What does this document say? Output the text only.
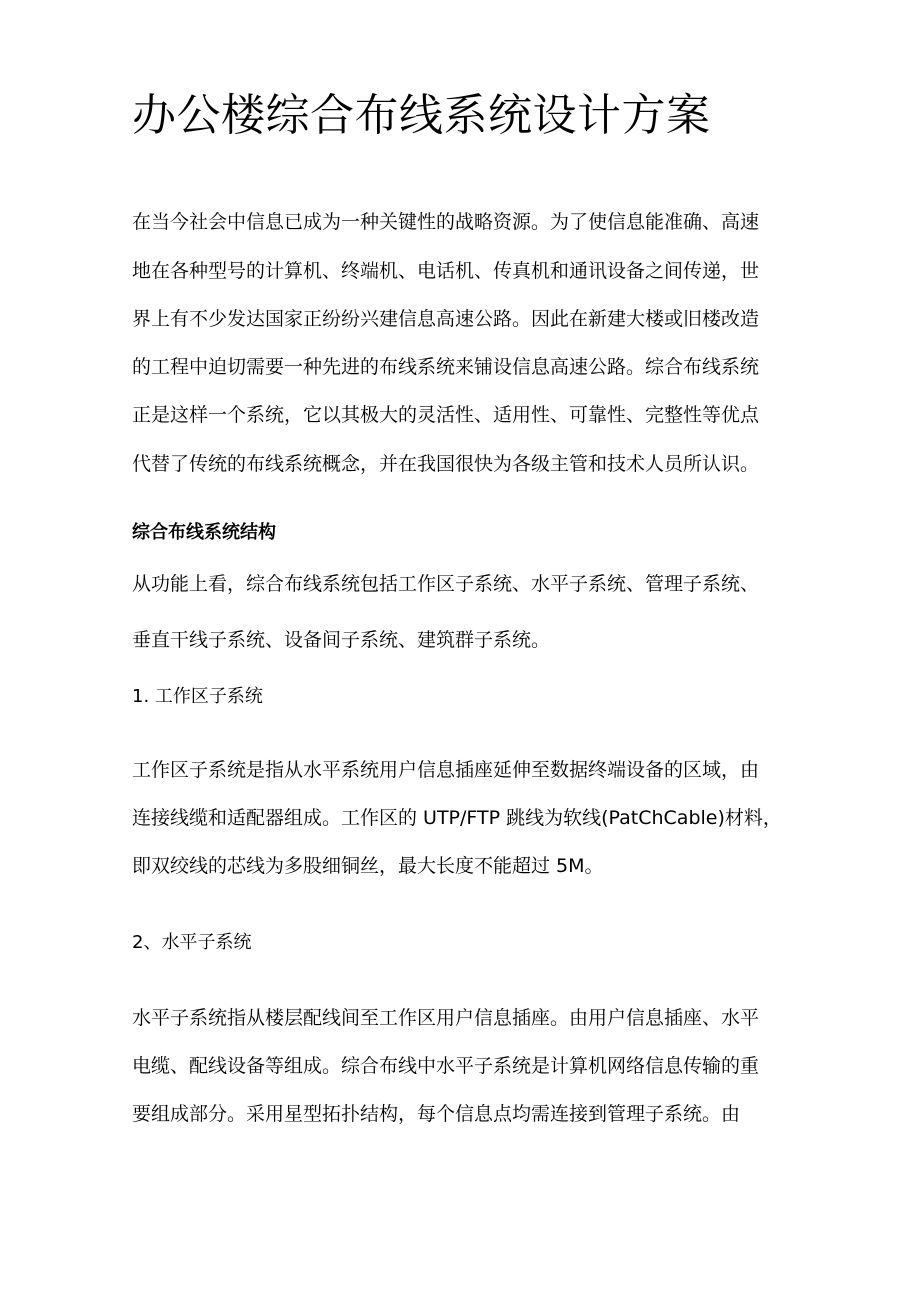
办公楼综合布线系统设计方案

在当今社会中信息已成为一种关键性的战略资源。为了使信息能准确、高速

地在各种型号的计算机、终端机、电话机、传真机和通讯设备之间传递，世

界上有不少发达国家正纷纷兴建信息高速公路。因此在新建大楼或旧楼改造

的工程中迫切需要一种先进的布线系统来铺设信息高速公路。综合布线系统

正是这样一个系统，它以其极大的灵活性、适用性、可靠性、完整性等优点

代替了传统的布线系统概念，并在我国很快为各级主管和技术人员所认识。

综合布线系统结构

从功能上看，综合布线系统包括工作区子系统、水平子系统、管理子系统、

垂直干线子系统、设备间子系统、建筑群子系统。

1. 工作区子系统

工作区子系统是指从水平系统用户信息插座延伸至数据终端设备的区域，由

连接线缆和适配器组成。工作区的 UTP/FTP 跳线为软线(PatChCable)材料，

即双绞线的芯线为多股细铜丝，最大长度不能超过 5M。

2、水平子系统

水平子系统指从楼层配线间至工作区用户信息插座。由用户信息插座、水平

电缆、配线设备等组成。综合布线中水平子系统是计算机网络信息传输的重

要组成部分。采用星型拓扑结构，每个信息点均需连接到管理子系统。由
